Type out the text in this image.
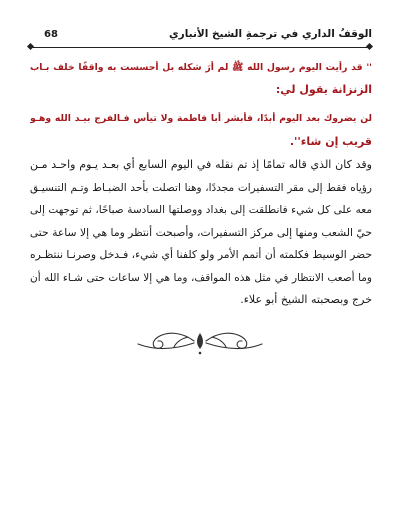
الوقفُ الداري في ترجمةِ الشيخ الأنباري
68
'' قد رأيت اليوم رسول الله ﷺ لم أرَ شكله بل أحسست به واقفًا خلف بـاب
الزنزانة يقول لي:
لن يضروك بعد اليوم أبدًا، فأبشر أبا فاطمة ولا تيأس فـالفرج بيـد الله وهـو
قريب إن شاء''.
وقد كان الذي قاله تمامًا إذ تم نقله في اليوم السابع أي بعـد يـوم واحـد مـن
رؤياه فقط إلى مقر التسفيرات مجددًا، وهنا اتصلت بأحد الضبـاط وتـم التنسيـق
معه على كل شيء فانطلقت إلى بغداد ووصلتها السادسة صباحًا، ثم توجهت إلى
حيّ الشعب ومنها إلى مركز التسفيرات، وأصبحت أنتظر وما هي إلا ساعة حتى
حضر الوسيط فكلمته أن أتمم الأمر ولو كلفنا أي شيء، فـدخل وصرنـا ننتظـره
وما أصعب الانتظار في مثل هذه المواقف، وما هي إلا ساعات حتى شـاء الله أن
خرج وبصحبته الشيخ أبو علاء.
